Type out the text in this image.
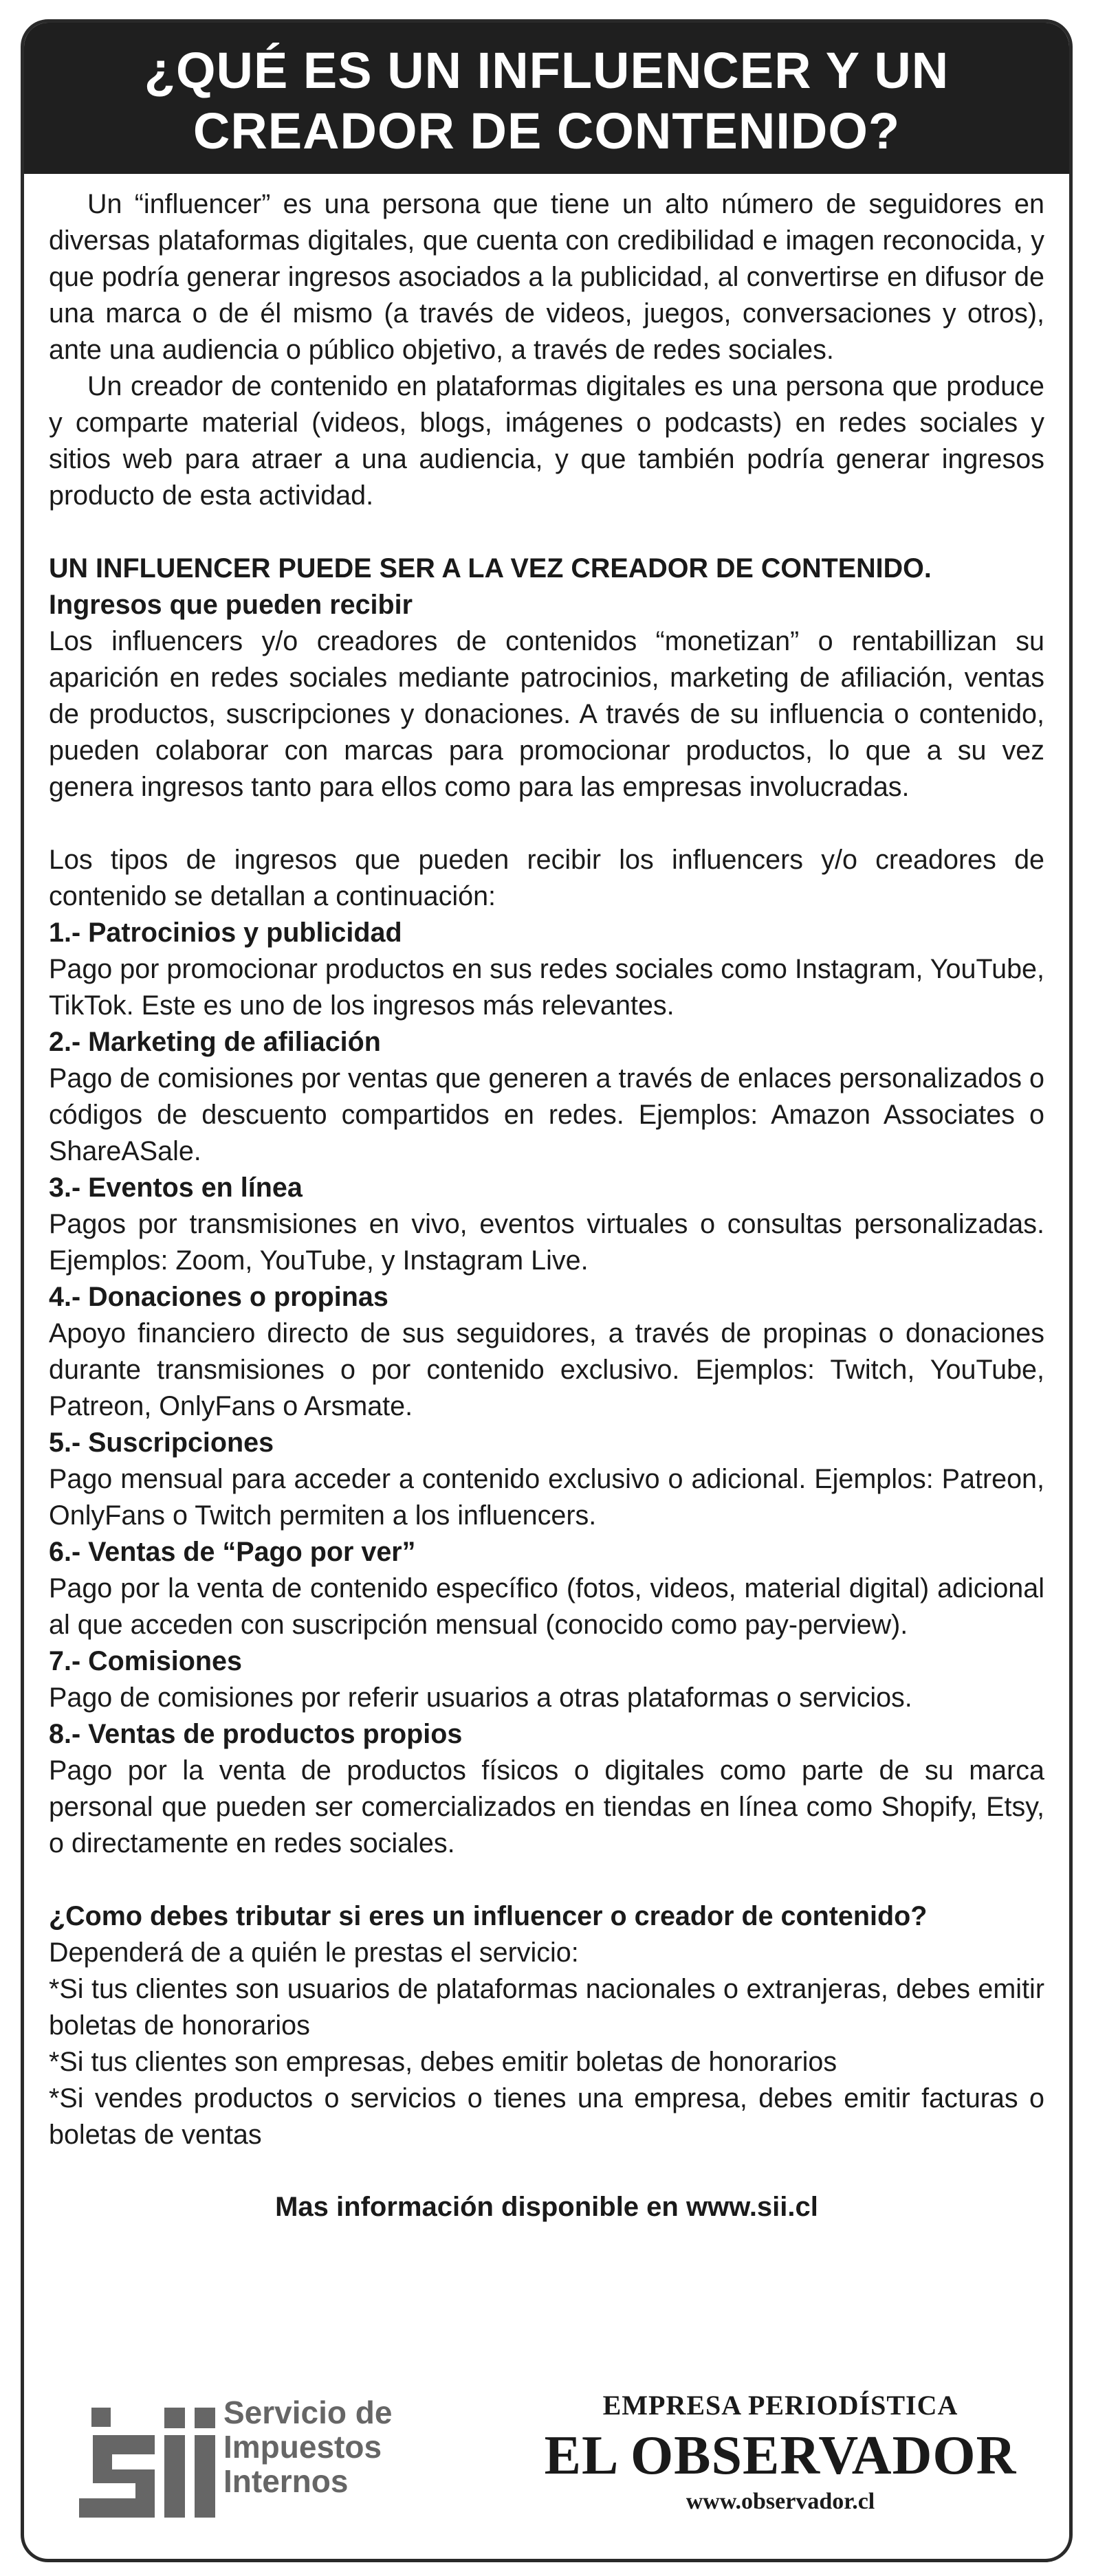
¿QUÉ ES UN INFLUENCER Y UN
CREADOR DE CONTENIDO?

Un “influencer” es una persona que tiene un alto número de seguidores en diversas plataformas digitales, que cuenta con credibilidad e imagen reconocida, y que podría generar ingresos asociados a la publicidad, al convertirse en difusor de una marca o de él mismo (a través de videos, juegos, conversaciones y otros), ante una audiencia o público objetivo, a través de redes sociales.

Un creador de contenido en plataformas digitales es una persona que produce y comparte material (videos, blogs, imágenes o podcasts) en redes sociales y sitios web para atraer a una audiencia, y que también podría generar ingresos producto de esta actividad.

UN INFLUENCER PUEDE SER A LA VEZ CREADOR DE CONTENIDO.

Ingresos que pueden recibir

Los influencers y/o creadores de contenidos “monetizan” o rentabillizan su aparición en redes sociales mediante patrocinios, marketing de afiliación, ventas de productos, suscripciones y donaciones. A través de su influencia o contenido, pueden colaborar con marcas para promocionar productos, lo que a su vez genera ingresos tanto para ellos como para las empresas involucradas.

Los tipos de ingresos que pueden recibir los influencers y/o creadores de contenido se detallan a continuación:

1.- Patrocinios y publicidad

Pago por promocionar productos en sus redes sociales como Instagram, YouTube, TikTok. Este es uno de los ingresos más relevantes.

2.- Marketing de afiliación

Pago de comisiones por ventas que generen a través de enlaces personalizados o códigos de descuento compartidos en redes. Ejemplos: Amazon Associates o ShareASale.

3.- Eventos en línea

Pagos por transmisiones en vivo, eventos virtuales o consultas personalizadas. Ejemplos: Zoom, YouTube, y Instagram Live.

4.- Donaciones o propinas

Apoyo financiero directo de sus seguidores, a través de propinas o donaciones durante transmisiones o por contenido exclusivo. Ejemplos: Twitch, YouTube, Patreon, OnlyFans o Arsmate.

5.- Suscripciones

Pago mensual para acceder a contenido exclusivo o adicional. Ejemplos: Patreon, OnlyFans o Twitch permiten a los influencers.

6.- Ventas de “Pago por ver”

Pago por la venta de contenido específico (fotos, videos, material digital) adicional al que acceden con suscripción mensual (conocido como pay-perview).

7.- Comisiones

Pago de comisiones por referir usuarios a otras plataformas o servicios.

8.- Ventas de productos propios

Pago por la venta de productos físicos o digitales como parte de su marca personal que pueden ser comercializados en tiendas en línea como Shopify, Etsy, o directamente en redes sociales.

¿Como debes tributar si eres un influencer o creador de contenido?

Dependerá de a quién le prestas el servicio:

*Si tus clientes son usuarios de plataformas nacionales o extranjeras, debes emitir boletas de honorarios

*Si tus clientes son empresas, debes emitir boletas de honorarios

*Si vendes productos o servicios o tienes una empresa, debes emitir facturas o boletas de ventas

Mas información disponible en www.sii.cl
Servicio de
Impuestos
Internos
EMPRESA PERIODÍSTICA
EL OBSERVADOR
www.observador.cl
